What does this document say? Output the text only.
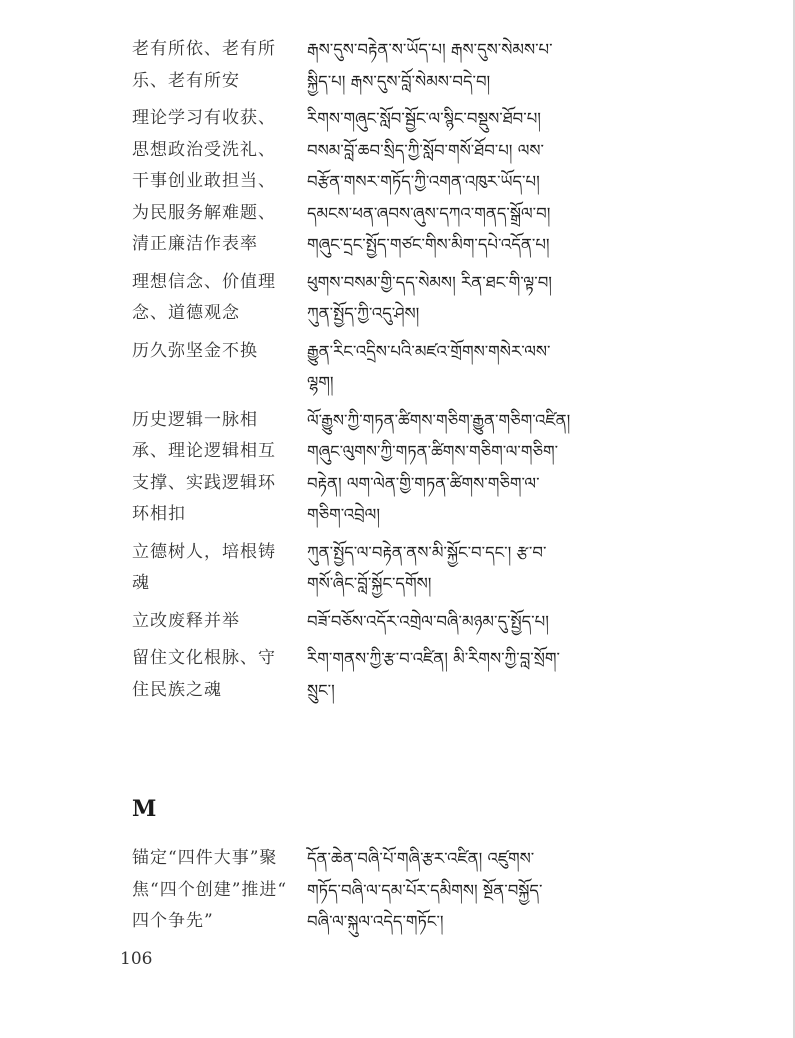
老有所依、老有所
乐、老有所安
རྒས་དུས་བརྟེན་ས་ཡོད་པ། རྒས་དུས་སེམས་པ་
སྐྱིད་པ། རྒས་དུས་བློ་སེམས་བདེ་བ།
理论学习有收获、
思想政治受洗礼、
干事创业敢担当、
为民服务解难题、
清正廉洁作表率
རིགས་གཞུང་སློབ་སྦྱོང་ལ་སྙིང་བསྡུས་ཐོབ་པ།
བསམ་བློ་ཆབ་སྲིད་ཀྱི་སློབ་གསོ་ཐོབ་པ། ལས་
བརྩོན་གསར་གཏོད་ཀྱི་འགན་འཁུར་ཡོད་པ།
དམངས་ཕན་ཞབས་ཞུས་དཀའ་གནད་སྒྲོལ་བ།
གཞུང་དྲང་སྤྱོད་གཙང་གིས་མིག་དཔེ་འདོན་པ།
理想信念、价值理
念、道德观念
ཕུགས་བསམ་གྱི་དད་སེམས། རིན་ཐང་གི་ལྟ་བ།
ཀུན་སྤྱོད་ཀྱི་འདུ་ཤེས།
历久弥坚金不换	རྒྱུན་རིང་འདྲིས་པའི་མཛའ་གྲོགས་གསེར་ལས་
ལྷག།
历史逻辑一脉相
承、理论逻辑相互
支撑、实践逻辑环
环相扣
ལོ་རྒྱུས་ཀྱི་གཏན་ཚིགས་གཅིག་རྒྱུན་གཅིག་འཛིན།
གཞུང་ལུགས་ཀྱི་གཏན་ཚིགས་གཅིག་ལ་གཅིག་
བརྟེན། ལག་ལེན་གྱི་གཏན་ཚིགས་གཅིག་ལ་
གཅིག་འབྲེལ།
立德树人，培根铸
魂
ཀུན་སྤྱོད་ལ་བརྟེན་ནས་མི་སྐྱོང་བ་དང་། རྩ་བ་
གསོ་ཞིང་བློ་སྐྱོང་དགོས།
立改废释并举	བཟོ་བཅོས་འདོར་འགྲེལ་བཞི་མཉམ་དུ་སྤྱོད་པ།
留住文化根脉、守
住民族之魂
རིག་གནས་ཀྱི་རྩ་བ་འཛིན། མི་རིགས་ཀྱི་བླ་སྲོག་
སྲུང་།
M
锚定“四件大事”聚
焦“四个创建”推进“
四个争先”
དོན་ཆེན་བཞི་པོ་གཞི་རྩར་འཛིན། འཛུགས་
གཏོད་བཞི་ལ་དམ་པོར་དམིགས། སྔོན་བསྐྱོད་
བཞི་ལ་སྐུལ་འདེད་གཏོང་།
106
